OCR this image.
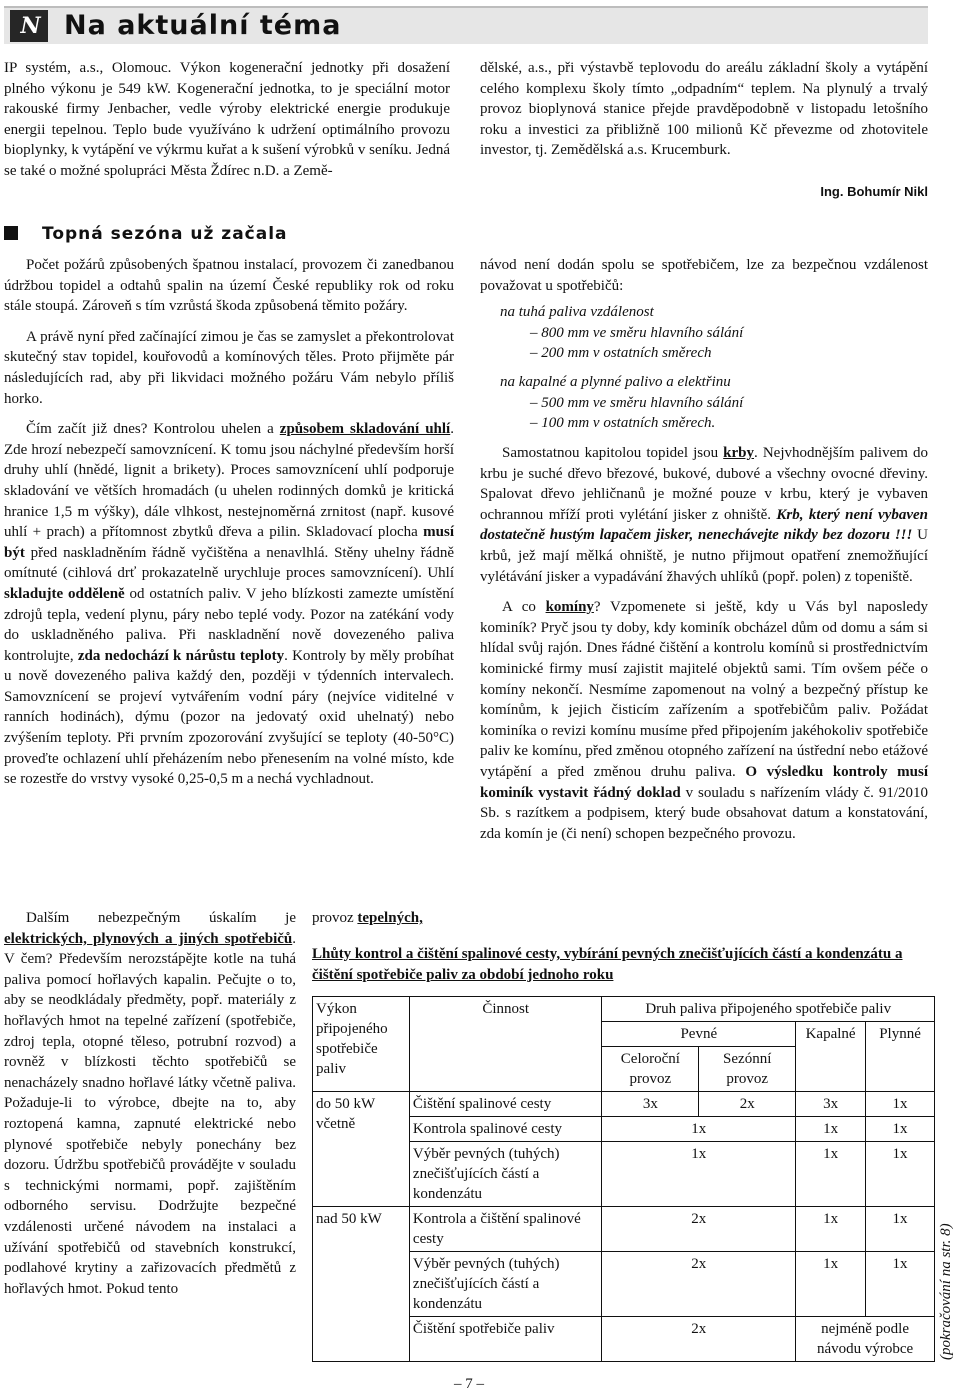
N Na aktuální téma

IP systém, a.s., Olomouc. Výkon kogenerační jednotky při dosažení plného výkonu je 549 kW. Kogenerační jednotka, to je speciální motor rakouské firmy Jenbacher, vedle výroby elektrické energie produkuje energii tepelnou. Teplo bude využíváno k udržení optimálního provozu bioplynky, k vytápění ve výkrmu kuřat a k sušení výrobků v seníku. Jedná se také o možné spolupráci Města Ždírec n.D. a Země-

dělské, a.s., při výstavbě teplovodu do areálu základní školy a vytápění celého komplexu školy tímto „odpadním“ teplem. Na plynulý a trvalý provoz bioplynová stanice přejde pravděpodobně v listopadu letošního roku a investici za přibližně 100 milionů Kč převezme od zhotovitele investor, tj. Zemědělská a.s. Krucemburk.

Ing. Bohumír Nikl
Topná sezóna už začala

Počet požárů způsobených špatnou instalací, provozem či zanedbanou údržbou topidel a odtahů spalin na území České republiky rok od roku stále stoupá. Zároveň s tím vzrůstá škoda způsobená těmito požáry.

A právě nyní před začínající zimou je čas se zamyslet a překontrolovat skutečný stav topidel, kouřovodů a komínových těles. Proto přijměte pár následujících rad, aby při likvidaci možného požáru Vám nebylo příliš horko.

Čím začít již dnes? Kontrolou uhelen a způsobem skladování uhlí. Zde hrozí nebezpečí samovznícení. K tomu jsou náchylné především horší druhy uhlí (hnědé, lignit a brikety). Proces samovznícení uhlí podporuje skladování ve větších hromadách (u uhelen rodinných domků je kritická hranice 1,5 m výšky), dále vlhkost, nestejnoměrná zrnitost (např. kusové uhlí + prach) a přítomnost zbytků dřeva a pilin. Skladovací plocha musí být před naskladněním řádně vyčištěna a nenavlhlá. Stěny uhelny řádně omítnuté (cihlová drť prokazatelně urychluje proces samovznícení). Uhlí skladujte odděleně od ostatních paliv. V jeho blízkosti zamezte umístění zdrojů tepla, vedení plynu, páry nebo teplé vody. Pozor na zatékání vody do uskladněného paliva. Při naskladnění nově dovezeného paliva kontrolujte, zda nedochází k nárůstu teploty. Kontroly by měly probíhat u nově dovezeného paliva každý den, později v týdenních intervalech. Samovznícení se projeví vytvářením vodní páry (nejvíce viditelné v ranních hodinách), dýmu (pozor na jedovatý oxid uhelnatý) nebo zvýšením teploty. Při prvním zpozorování zvyšující se teploty (40-50°C) proveďte ochlazení uhlí přeházením nebo přenesením na volné místo, kde se rozestře do vrstvy vysoké 0,25-0,5 m a nechá vychladnout.

Dalším nebezpečným úskalím je elektrických, plynových a jiných spotřebičů. V čem? Především nerozstápějte kotle na tuhá paliva pomocí hořlavých kapalin. Pečujte o to, aby se neodkládaly předměty, popř. materiály z hořlavých hmot na tepelné zařízení (spotřebiče, zdroj tepla, otopné těleso, potrubní rozvod) a rovněž v blízkosti těchto spotřebičů se nenacházely snadno hořlavé látky včetně paliva. Požaduje-li to výrobce, dbejte na to, aby roztopená kamna, zapnuté elektrické nebo plynové spotřebiče nebyly ponechány bez dozoru. Údržbu spotřebičů provádějte v souladu s technickými normami, popř. zajištěním odborného servisu. Dodržujte bezpečné vzdálenosti určené návodem na instalaci a užívání spotřebičů od stavebních konstrukcí, podlahové krytiny a zařizovacích předmětů z hořlavých hmot. Pokud tento

provoz tepelných,

návod není dodán spolu se spotřebičem, lze za bezpečnou vzdálenost považovat u spotřebičů:

na tuhá paliva vzdálenost
– 800 mm ve směru hlavního sálání
– 200 mm v ostatních směrech
na kapalné a plynné palivo a elektřinu
– 500 mm ve směru hlavního sálání
– 100 mm v ostatních směrech.

Samostatnou kapitolou topidel jsou krby. Nejvhodnějším palivem do krbu je suché dřevo březové, bukové, dubové a všechny ovocné dřeviny. Spalovat dřevo jehličnanů je možné pouze v krbu, který je vybaven ochrannou mříží proti vylétání jisker z ohniště. Krb, který není vybaven dostatečně hustým lapačem jisker, nenechávejte nikdy bez dozoru !!! U krbů, jež mají mělká ohniště, je nutno přijmout opatření znemožňující vylétávání jisker a vypadávání žhavých uhlíků (popř. polen) z topeniště.

A co komíny? Vzpomenete si ještě, kdy u Vás byl naposledy kominík? Pryč jsou ty doby, kdy kominík obcházel dům od domu a sám si hlídal svůj rajón. Dnes řádné čištění a kontrolu komínů si prostřednictvím kominické firmy musí zajistit majitelé objektů sami. Tím ovšem péče o komíny nekončí. Nesmíme zapomenout na volný a bezpečný přístup ke komínům, k jejich čisticím zařízením a spotřebičům paliv. Požádat kominíka o revizi komínu musíme před připojením jakéhokoliv spotřebiče paliv ke komínu, před změnou otopného zařízení na ústřední nebo etážové vytápění a před změnou druhu paliva. O výsledku kontroly musí kominík vystavit řádný doklad v souladu s nařízením vlády č. 91/2010 Sb. s razítkem a podpisem, který bude obsahovat datum a konstatování, zda komín je (či není) schopen bezpečného provozu.

Lhůty kontrol a čištění spalinové cesty, vybírání pevných znečišťujících částí a kondenzátu a čištění spotřebiče paliv za období jednoho roku
Výkon připojeného spotřebiče paliv	Činnost	Druh paliva připojeného spotřebiče paliv			
		Pevné		Kapalné	Plynné
		Celoroční provoz	Sezónní provoz		
do 50 kW včetně	Čištění spalinové cesty	3x	2x	3x	1x
	Kontrola spalinové cesty	1x		1x	1x
	Výběr pevných (tuhých) znečišťujících částí a kondenzátu	1x		1x	1x
nad 50 kW	Kontrola a čištění spalinové cesty	2x		1x	1x
	Výběr pevných (tuhých) znečišťujících částí a kondenzátu	2x		1x	1x
	Čištění spotřebiče paliv	2x		nejméně podle návodu výrobce	(pokračování na str. 8)
– 7 –
